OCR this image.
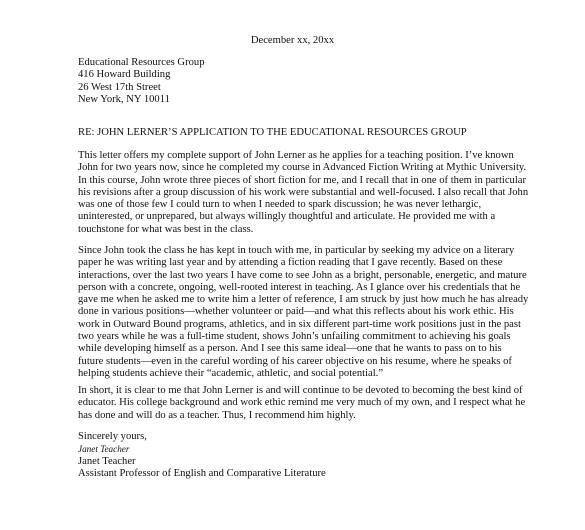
December xx, 20xx
Educational Resources Group
416 Howard Building
26 West 17th Street
New York, NY 10011
RE: JOHN LERNER’S APPLICATION TO THE EDUCATIONAL RESOURCES GROUP
This letter offers my complete support of John Lerner as he applies for a teaching position. I’ve known
John for two years now, since he completed my course in Advanced Fiction Writing at Mythic University.
In this course, John wrote three pieces of short fiction for me, and I recall that in one of them in particular
his revisions after a group discussion of his work were substantial and well-focused. I also recall that John
was one of those few I could turn to when I needed to spark discussion; he was never lethargic,
uninterested, or unprepared, but always willingly thoughtful and articulate. He provided me with a
touchstone for what was best in the class.
Since John took the class he has kept in touch with me, in particular by seeking my advice on a literary
paper he was writing last year and by attending a fiction reading that I gave recently. Based on these
interactions, over the last two years I have come to see John as a bright, personable, energetic, and mature
person with a concrete, ongoing, well-rooted interest in teaching. As I glance over his credentials that he
gave me when he asked me to write him a letter of reference, I am struck by just how much he has already
done in various positions—whether volunteer or paid—and what this reflects about his work ethic. His
work in Outward Bound programs, athletics, and in six different part-time work positions just in the past
two years while he was a full-time student, shows John’s unfailing commitment to achieving his goals
while developing himself as a person. And I see this same ideal—one that he wants to pass on to his
future students—even in the careful wording of his career objective on his resume, where he speaks of
helping students achieve their “academic, athletic, and social potential.”
In short, it is clear to me that John Lerner is and will continue to be devoted to becoming the best kind of
educator. His college background and work ethic remind me very much of my own, and I respect what he
has done and will do as a teacher. Thus, I recommend him highly.
Sincerely yours,
Janet Teacher
Janet Teacher
Assistant Professor of English and Comparative Literature
